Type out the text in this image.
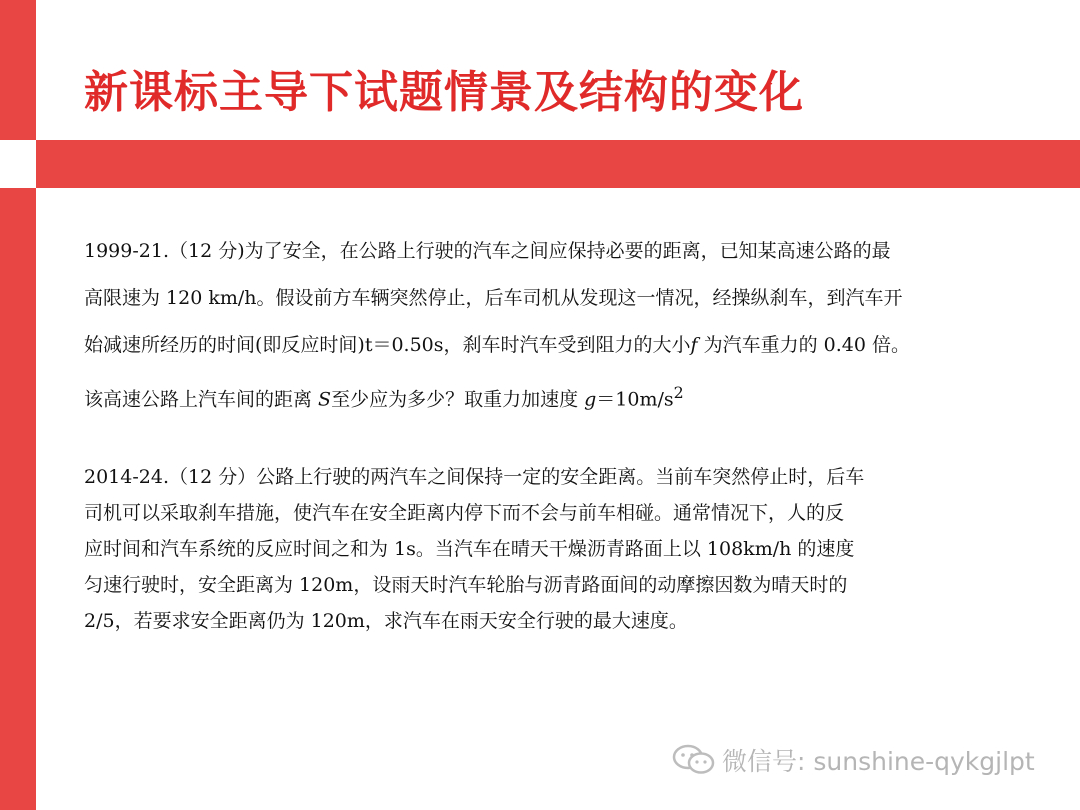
新课标主导下试题情景及结构的变化
1999-21.（12 分)为了安全，在公路上行驶的汽车之间应保持必要的距离，已知某高速公路的最
高限速为 120 km/h。假设前方车辆突然停止，后车司机从发现这一情况，经操纵刹车，到汽车开
始减速所经历的时间(即反应时间)t＝0.50s，刹车时汽车受到阻力的大小f 为汽车重力的 0.40 倍。
该高速公路上汽车间的距离 S至少应为多少？取重力加速度 $g=10m/s^2$
2014-24.（12 分）公路上行驶的两汽车之间保持一定的安全距离。当前车突然停止时，后车
司机可以采取刹车措施，使汽车在安全距离内停下而不会与前车相碰。通常情况下，人的反
应时间和汽车系统的反应时间之和为 1s。当汽车在晴天干燥沥青路面上以 108km/h 的速度
匀速行驶时，安全距离为 120m，设雨天时汽车轮胎与沥青路面间的动摩擦因数为晴天时的
2/5，若要求安全距离仍为 120m，求汽车在雨天安全行驶的最大速度。
微信号: sunshine-qykgjlpt
